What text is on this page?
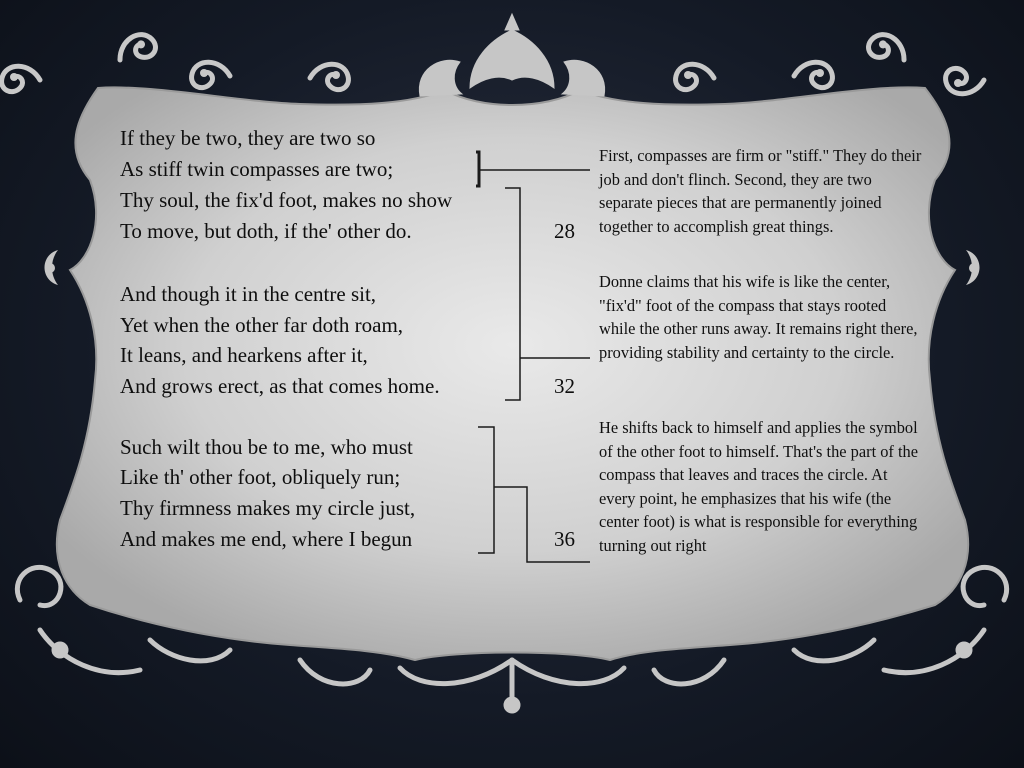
If they be two, they are two so
As stiff twin compasses are two;
Thy soul, the fix'd foot, makes no show
To move, but doth, if the' other do.	28
And though it in the centre sit,
Yet when the other far doth roam,
It leans, and hearkens after it,
And grows erect, as that comes home.	32
Such wilt thou be to me, who must
Like th' other foot, obliquely run;
Thy firmness makes my circle just,
And makes me end, where I begun	36

First, compasses are firm or "stiff." They do their job and don't flinch. Second, they are two separate pieces that are permanently joined together to accomplish great things.

Donne claims that his wife is like the center, "fix'd" foot of the compass that stays rooted while the other runs away. It remains right there, providing stability and certainty to the circle.

He shifts back to himself and applies the symbol of the other foot to himself. That's the part of the compass that leaves and traces the circle. At every point, he emphasizes that his wife (the center foot) is what is responsible for everything turning out right
